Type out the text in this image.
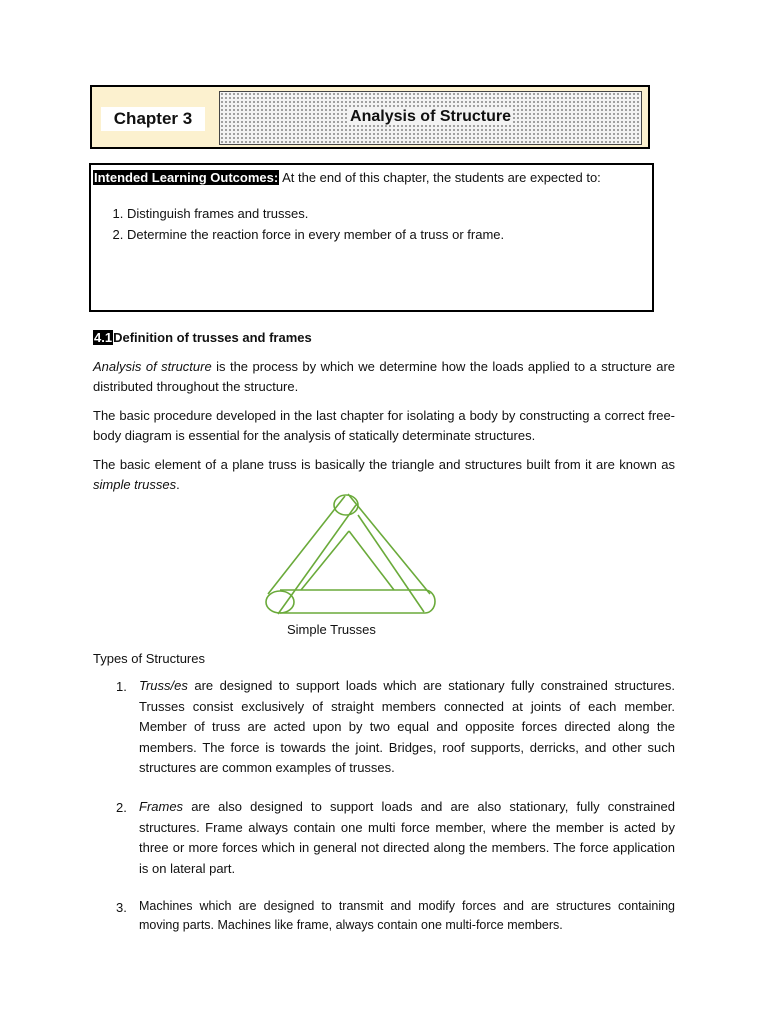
Chapter 3	Analysis of Structure
Intended Learning Outcomes: At the end of this chapter, the students are expected to:
1. Distinguish frames and trusses.
2. Determine the reaction force in every member of a truss or frame.
4.1Definition of trusses and frames

Analysis of structure is the process by which we determine how the loads applied to a structure are distributed throughout the structure.

The basic procedure developed in the last chapter for isolating a body by constructing a correct free-body diagram is essential for the analysis of statically determinate structures.

The basic element of a plane truss is basically the triangle and structures built from it are known as simple trusses.

Simple Trusses
Types of Structures
1. Truss/es are designed to support loads which are stationary fully constrained structures. Trusses consist exclusively of straight members connected at joints of each member. Member of truss are acted upon by two equal and opposite forces directed along the members. The force is towards the joint. Bridges, roof supports, derricks, and other such structures are common examples of trusses.

2. Frames are also designed to support loads and are also stationary, fully constrained structures. Frame always contain one multi force member, where the member is acted by three or more forces which in general not directed along the members. The force application is on lateral part.

3. Machines which are designed to transmit and modify forces and are structures containing moving parts. Machines like frame, always contain one multi-force members.
